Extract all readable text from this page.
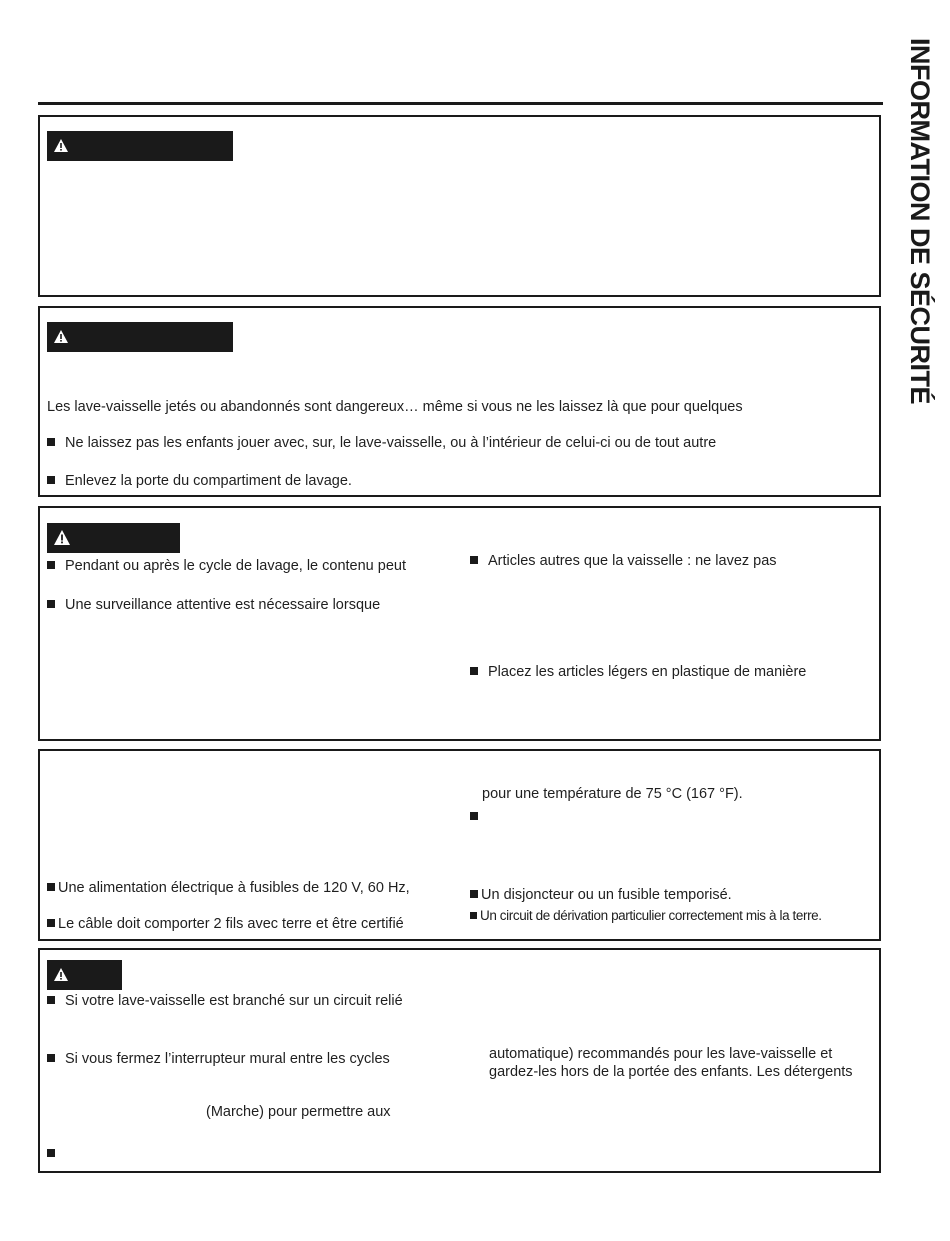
INFORMATION DE SÉCURITÉ
Les lave-vaisselle jetés ou abandonnés sont dangereux… même si vous ne les laissez là que pour quelques
Ne laissez pas les enfants jouer avec, sur, le lave-vaisselle, ou à l’intérieur de celui-ci ou de tout autre
Enlevez la porte du compartiment de lavage.
Pendant ou après le cycle de lavage, le contenu peut
Une surveillance attentive est nécessaire lorsque
Articles autres que la vaisselle : ne lavez pas
Placez les articles légers en plastique de manière
pour une température de 75 °C (167 °F).
Une alimentation électrique à fusibles de 120 V, 60 Hz,
Le câble doit comporter 2 fils avec terre et être certifié
Un disjoncteur ou un fusible temporisé.
Un circuit de dérivation particulier correctement mis à la terre.
Si votre lave-vaisselle est branché sur un circuit relié
Si vous fermez l’interrupteur mural entre les cycles
(Marche) pour permettre aux
automatique) recommandés pour les lave-vaisselle et
gardez-les hors de la portée des enfants. Les détergents
